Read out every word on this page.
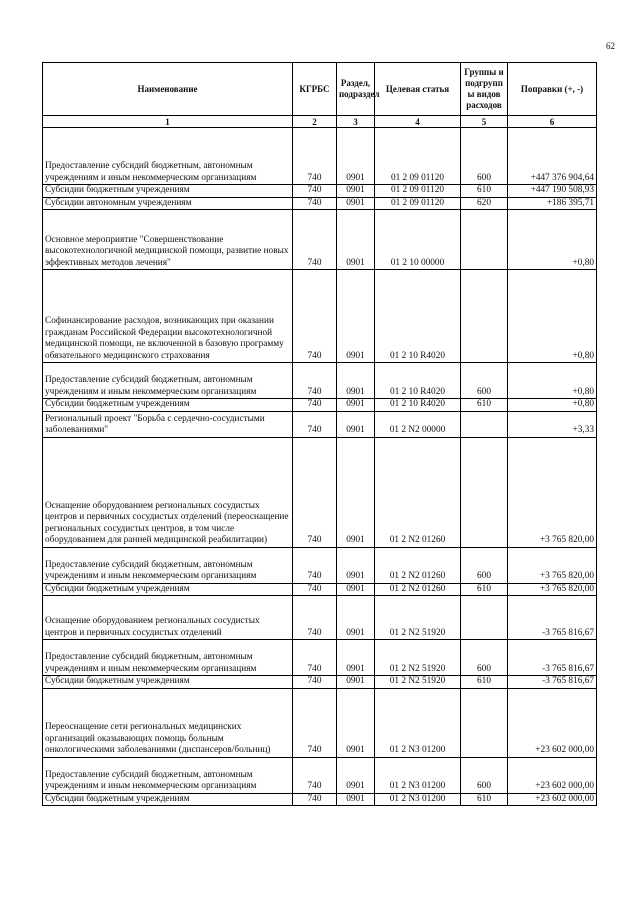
62
Наименование	КГРБС	Раздел, подраздел	Целевая статья	Группы и подгрупп ы видов расходов	Поправки (+, -)
1	2	3	4	5	6
Предоставление субсидий бюджетным, автономным учреждениям и иным некоммерческим организациям	740	0901	01 2 09 01120	600	+447 376 904,64
Субсидии бюджетным учреждениям	740	0901	01 2 09 01120	610	+447 190 508,93
Субсидии автономным учреждениям	740	0901	01 2 09 01120	620	+186 395,71
Основное мероприятие "Совершенствование высокотехнологичной медицинской помощи, развитие новых эффективных методов лечения"	740	0901	01 2 10 00000		+0,80
Софинансирование расходов, возникающих при оказании гражданам Российской Федерации высокотехнологичной медицинской помощи, не включенной в базовую программу обязательного медицинского страхования	740	0901	01 2 10 R4020		+0,80
Предоставление субсидий бюджетным, автономным учреждениям и иным некоммерческим организациям	740	0901	01 2 10 R4020	600	+0,80
Субсидии бюджетным учреждениям	740	0901	01 2 10 R4020	610	+0,80
Региональный проект "Борьба с сердечно-сосудистыми заболеваниями"	740	0901	01 2 N2 00000		+3,33
Оснащение оборудованием региональных сосудистых центров и первичных сосудистых отделений (переоснащение региональных сосудистых центров, в том числе оборудованием для ранней медицинской реабилитации)	740	0901	01 2 N2 01260		+3 765 820,00
Предоставление субсидий бюджетным, автономным учреждениям и иным некоммерческим организациям	740	0901	01 2 N2 01260	600	+3 765 820,00
Субсидии бюджетным учреждениям	740	0901	01 2 N2 01260	610	+3 765 820,00
Оснащение оборудованием региональных сосудистых центров и первичных сосудистых отделений	740	0901	01 2 N2 51920		-3 765 816,67
Предоставление субсидий бюджетным, автономным учреждениям и иным некоммерческим организациям	740	0901	01 2 N2 51920	600	-3 765 816,67
Субсидии бюджетным учреждениям	740	0901	01 2 N2 51920	610	-3 765 816,67
Переоснащение сети региональных медицинских организаций оказывающих помощь больным онкологическими заболеваниями (диспансеров/больниц)	740	0901	01 2 N3 01200		+23 602 000,00
Предоставление субсидий бюджетным, автономным учреждениям и иным некоммерческим организациям	740	0901	01 2 N3 01200	600	+23 602 000,00
Субсидии бюджетным учреждениям	740	0901	01 2 N3 01200	610	+23 602 000,00
